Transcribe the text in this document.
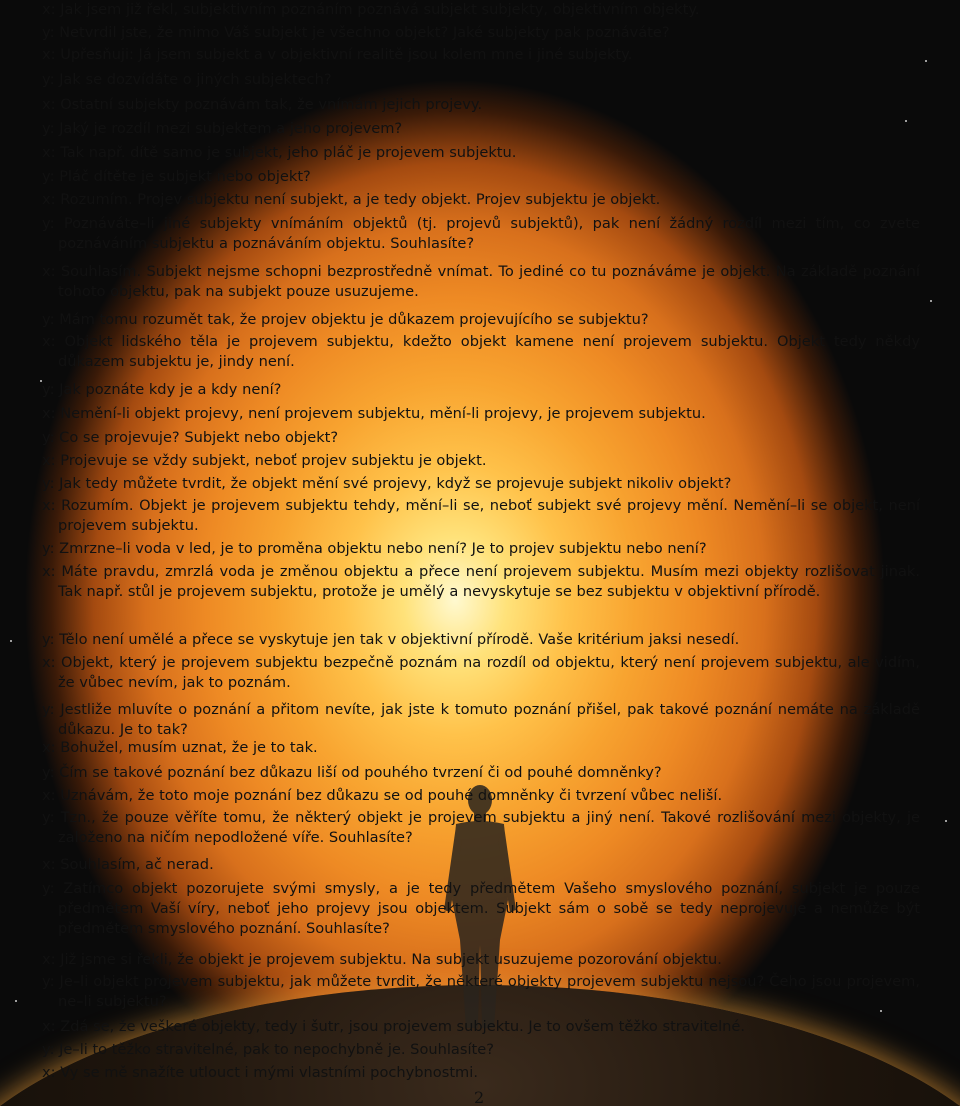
x: Jak jsem již řekl, subjektivním poznáním poznává subjekt subjekty, objektivním objekty.
y: Netvrdil jste, že mimo Váš subjekt je všechno objekt? Jaké subjekty pak poznáváte?
x: Upřesňuji: Já jsem subjekt a v objektivní realitě jsou kolem mne i jiné subjekty.
y: Jak se dozvídáte o jiných subjektech?
x: Ostatní subjekty poznávám tak, že vnímám jejich projevy.
y: Jaký je rozdíl mezi subjektem a jeho projevem?
x: Tak např. dítě samo je subjekt, jeho pláč je projevem subjektu.
y: Pláč dítěte je subjekt nebo objekt?
x: Rozumím. Projev subjektu není subjekt, a je tedy objekt. Projev subjektu je objekt.
y: Poznáváte–li jiné subjekty vnímáním objektů (tj. projevů subjektů), pak není žádný rozdíl mezi tím, co zvete poznáváním subjektu a poznáváním objektu. Souhlasíte?
x: Souhlasím. Subjekt nejsme schopni bezprostředně vnímat. To jediné co tu poznáváme je objekt. Na základě poznání tohoto objektu, pak na subjekt pouze usuzujeme.
y: Mám tomu rozumět tak, že projev objektu je důkazem projevujícího se subjektu?
x: Objekt lidského těla je projevem subjektu, kdežto objekt kamene není projevem subjektu. Objekt tedy někdy důkazem subjektu je, jindy není.
y: Jak poznáte kdy je a kdy není?
x: Nemění-li objekt projevy, není projevem subjektu, mění-li projevy, je projevem subjektu.
y: Co se projevuje? Subjekt nebo objekt?
x: Projevuje se vždy subjekt, neboť projev subjektu je objekt.
y: Jak tedy můžete tvrdit, že objekt mění své projevy, když se projevuje subjekt nikoliv objekt?
x: Rozumím. Objekt je projevem subjektu tehdy, mění–li se, neboť subjekt své projevy mění. Nemění–li se objekt, není projevem subjektu.
y: Zmrzne–li voda v led, je to proměna objektu nebo není? Je to projev subjektu nebo není?
x: Máte pravdu, zmrzlá voda je změnou objektu a přece není projevem subjektu. Musím mezi objekty rozlišovat jinak. Tak např. stůl je projevem subjektu, protože je umělý a nevyskytuje se bez subjektu v objektivní přírodě.
y: Tělo není umělé a přece se vyskytuje jen tak v objektivní přírodě. Vaše kritérium jaksi nesedí.
x: Objekt, který je projevem subjektu bezpečně poznám na rozdíl od objektu, který není projevem subjektu, ale vidím, že vůbec nevím, jak to poznám.
y: Jestliže mluvíte o poznání a přitom nevíte, jak jste k tomuto poznání přišel, pak takové poznání nemáte na základě důkazu. Je to tak?
x: Bohužel, musím uznat, že je to tak.
y: Čím se takové poznání bez důkazu liší od pouhého tvrzení či od pouhé domněnky?
x: Uznávám, že toto moje poznání bez důkazu se od pouhé domněnky či tvrzení vůbec neliší.
y: Tzn., že pouze věříte tomu, že některý objekt je projevem subjektu a jiný není. Takové rozlišování mezi objekty, je založeno na ničím nepodložené víře. Souhlasíte?
x: Souhlasím, ač nerad.
y: Zatímco objekt pozorujete svými smysly, a je tedy předmětem Vašeho smyslového poznání, subjekt je pouze předmětem Vaší víry, neboť jeho projevy jsou objektem. Subjekt sám o sobě se tedy neprojevuje a nemůže být předmětem smyslového poznání. Souhlasíte?
x: Již jsme si řekli, že objekt je projevem subjektu. Na subjekt usuzujeme pozorování objektu.
y: Je–li objekt projevem subjektu, jak můžete tvrdit, že některé objekty projevem subjektu nejsou? Čeho jsou projevem, ne–li subjektu?
x: Zdá se, že veškeré objekty, tedy i šutr, jsou projevem subjektu. Je to ovšem těžko stravitelné.
y: Je–li to těžko stravitelné, pak to nepochybně je. Souhlasíte?
x: Vy se mě snažíte utlouct i mými vlastními pochybnostmi.
2
